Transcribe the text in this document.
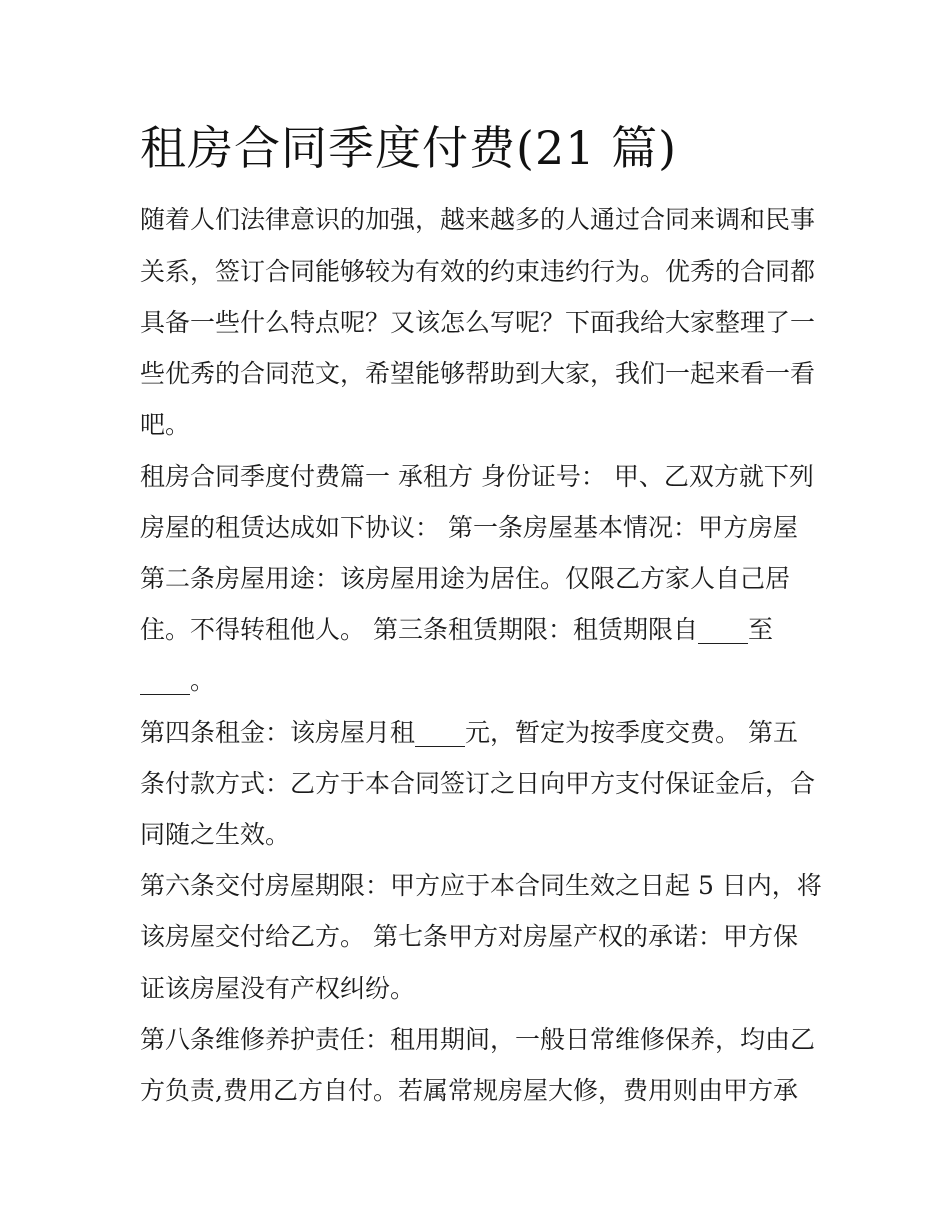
租房合同季度付费(21 篇)

随着人们法律意识的加强，越来越多的人通过合同来调和民事

关系，签订合同能够较为有效的约束违约行为。优秀的合同都

具备一些什么特点呢？又该怎么写呢？下面我给大家整理了一

些优秀的合同范文，希望能够帮助到大家，我们一起来看一看

吧。

租房合同季度付费篇一 承租方 身份证号： 甲、乙双方就下列

房屋的租赁达成如下协议： 第一条房屋基本情况：甲方房屋

第二条房屋用途：该房屋用途为居住。仅限乙方家人自己居

住。不得转租他人。 第三条租赁期限：租赁期限自____至

____。

第四条租金：该房屋月租____元，暂定为按季度交费。 第五

条付款方式：乙方于本合同签订之日向甲方支付保证金后，合

同随之生效。

第六条交付房屋期限：甲方应于本合同生效之日起 5 日内，将

该房屋交付给乙方。 第七条甲方对房屋产权的承诺：甲方保

证该房屋没有产权纠纷。

第八条维修养护责任：租用期间，一般日常维修保养，均由乙

方负责,费用乙方自付。若属常规房屋大修，费用则由甲方承
